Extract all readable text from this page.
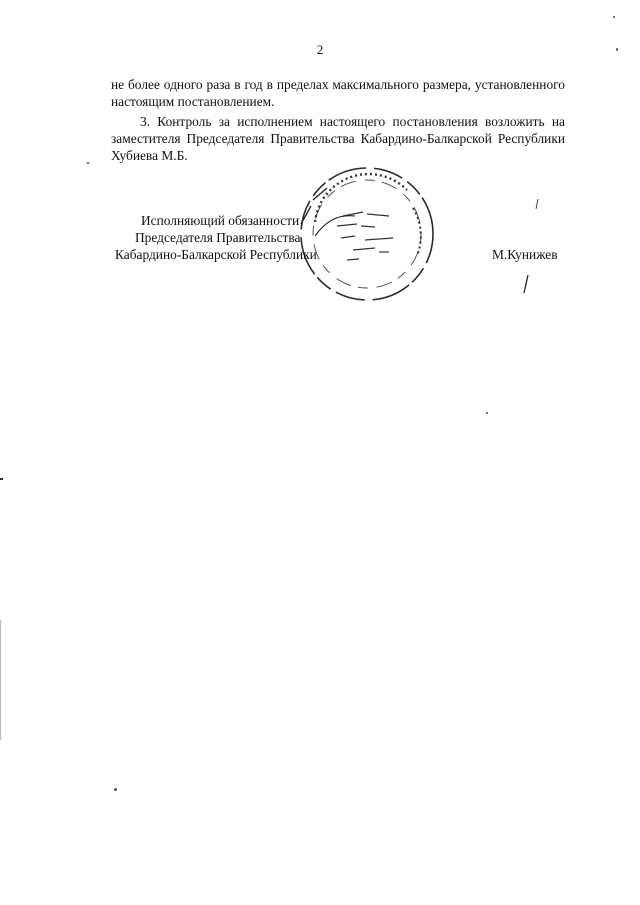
2

не более одного раза в год в пределах максимального размера, установленного настоящим постановлением.

3. Контроль за исполнением настоящего постановления возложить на заместителя Председателя Правительства Кабардино-Балкарской Республики Хубиева М.Б.

Исполняющий обязанности
Председателя Правительства
Кабардино-Балкарской Республики	М.Кунижев
